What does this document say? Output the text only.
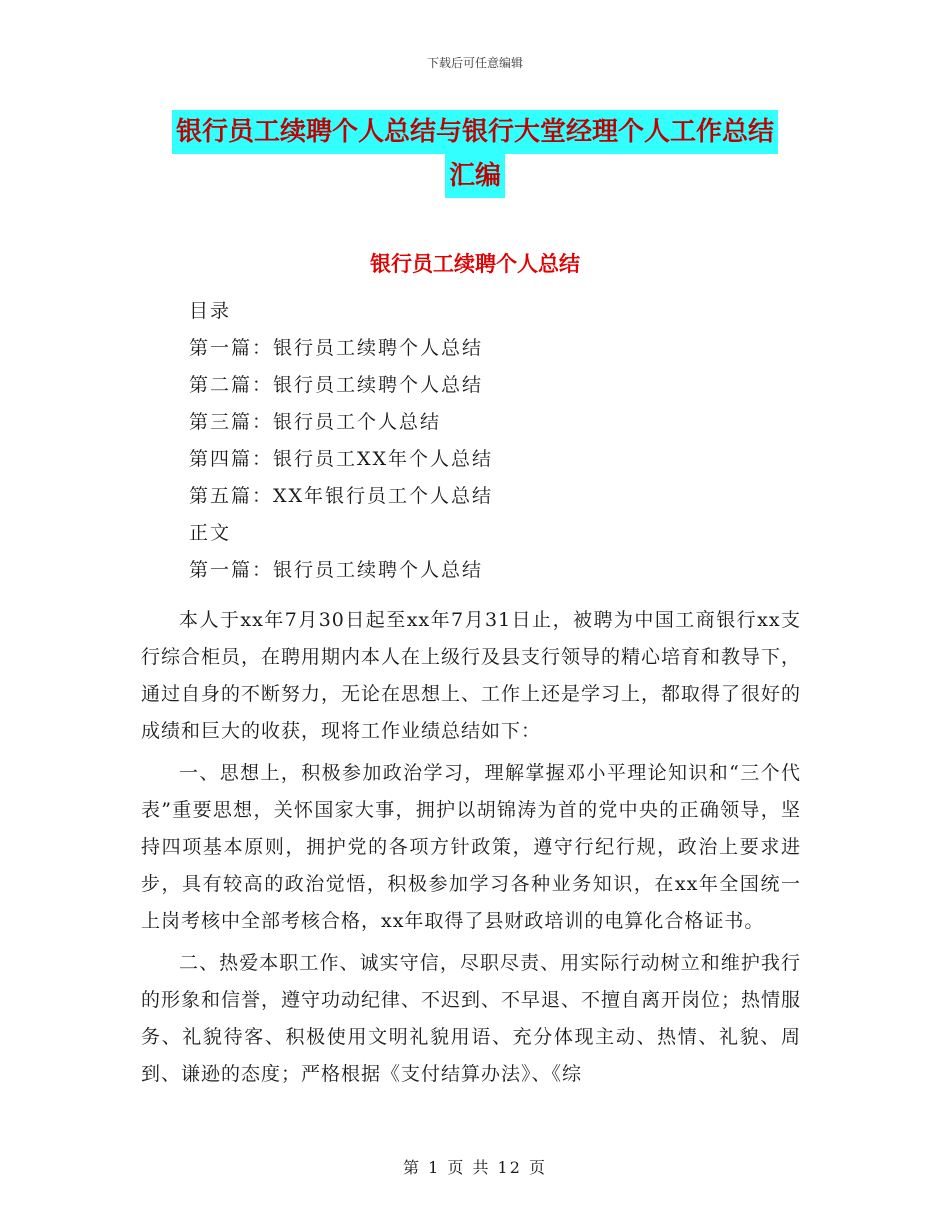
下载后可任意编辑
银行员工续聘个人总结与银行大堂经理个人工作总结
汇编
银行员工续聘个人总结
目录
第一篇：银行员工续聘个人总结
第二篇：银行员工续聘个人总结
第三篇：银行员工个人总结
第四篇：银行员工XX年个人总结
第五篇：XX年银行员工个人总结
正文
第一篇：银行员工续聘个人总结

本人于xx年7月30日起至xx年7月31日止，被聘为中国工商银行xx支行综合柜员，在聘用期内本人在上级行及县支行领导的精心培育和教导下，通过自身的不断努力，无论在思想上、工作上还是学习上，都取得了很好的成绩和巨大的收获，现将工作业绩总结如下：

一、思想上，积极参加政治学习，理解掌握邓小平理论知识和“三个代表”重要思想，关怀国家大事，拥护以胡锦涛为首的党中央的正确领导，坚持四项基本原则，拥护党的各项方针政策，遵守行纪行规，政治上要求进步，具有较高的政治觉悟，积极参加学习各种业务知识，在xx年全国统一上岗考核中全部考核合格，xx年取得了县财政培训的电算化合格证书。

二、热爱本职工作、诚实守信，尽职尽责、用实际行动树立和维护我行的形象和信誉，遵守功动纪律、不迟到、不早退、不擅自离开岗位；热情服务、礼貌待客、积极使用文明礼貌用语、充分体现主动、热情、礼貌、周到、谦逊的态度；严格根据《支付结算办法》、《综

第 1 页 共 12 页
